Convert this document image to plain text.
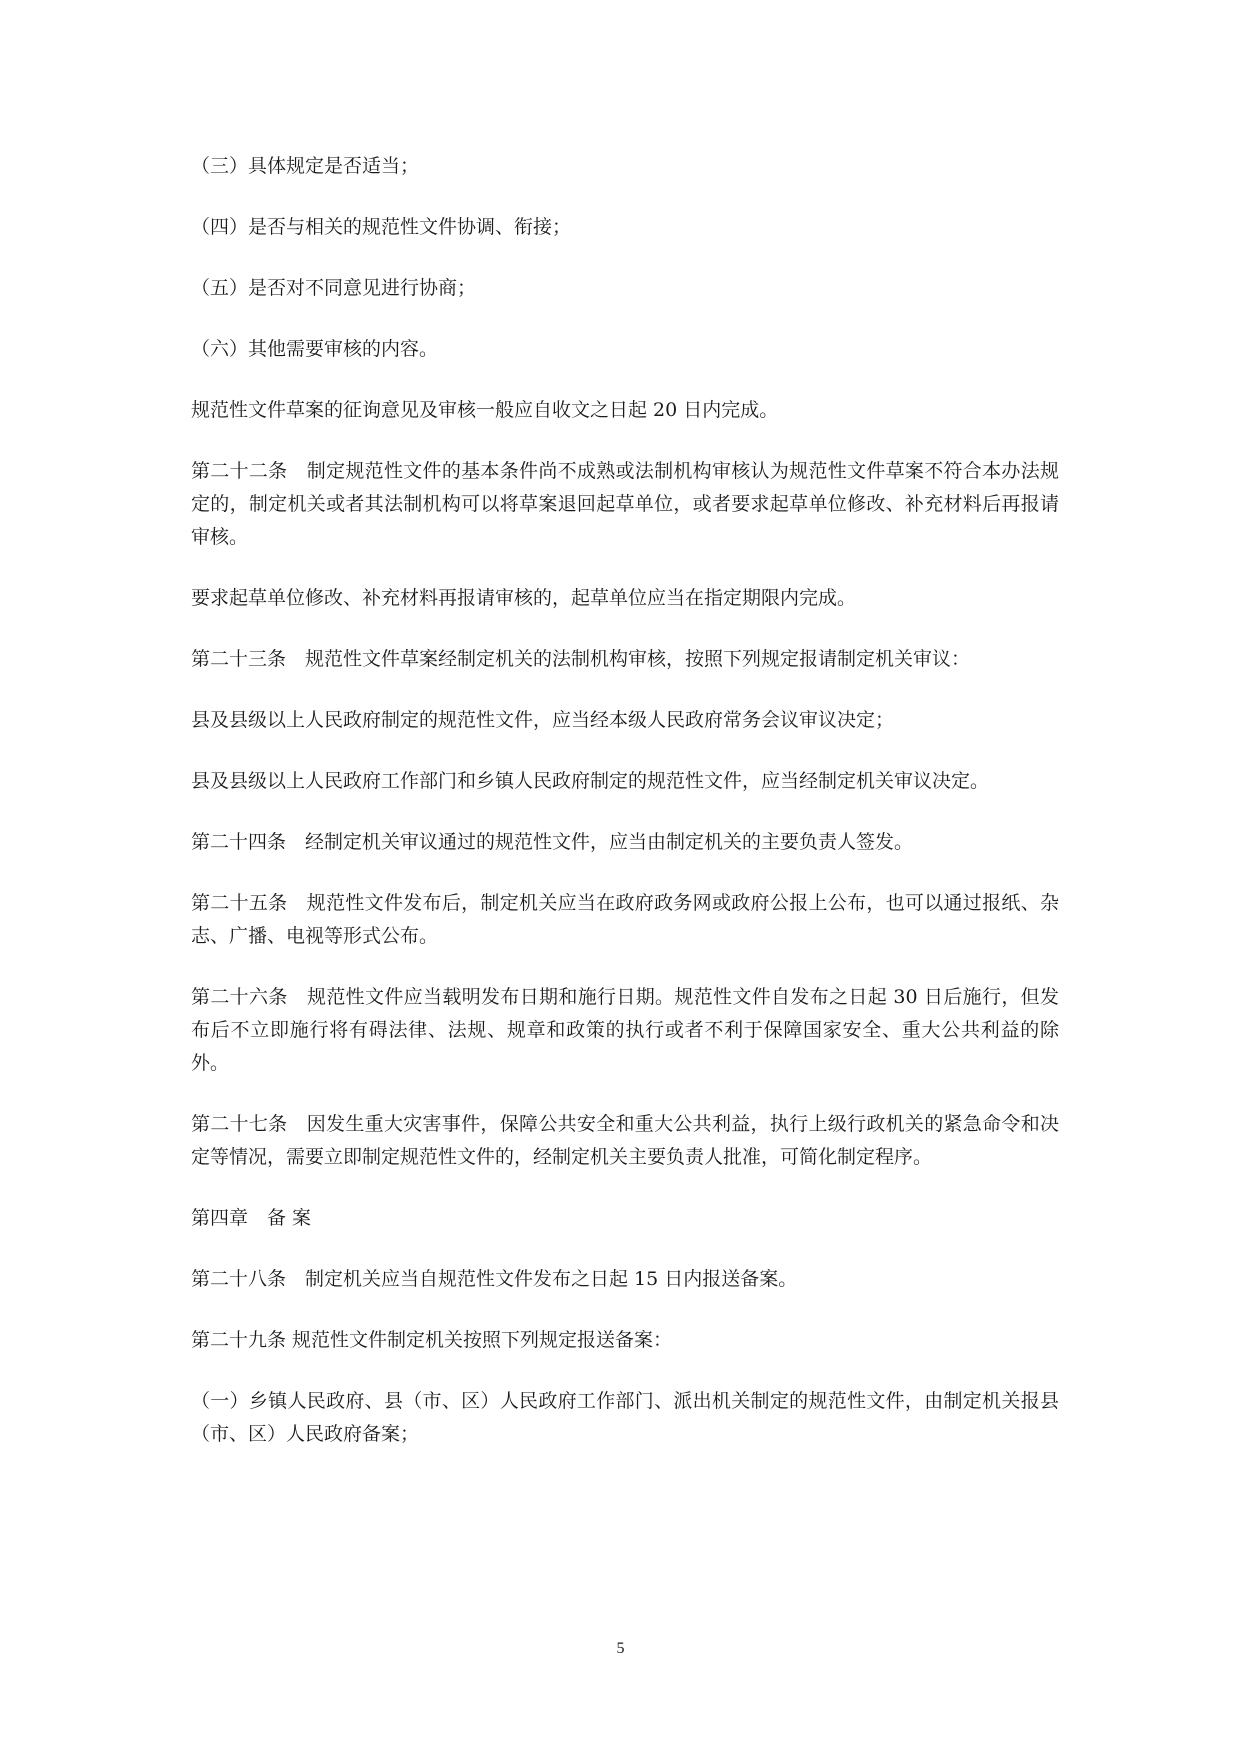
（三）具体规定是否适当；

（四）是否与相关的规范性文件协调、衔接；

（五）是否对不同意见进行协商；

（六）其他需要审核的内容。

规范性文件草案的征询意见及审核一般应自收文之日起 20 日内完成。

第二十二条　制定规范性文件的基本条件尚不成熟或法制机构审核认为规范性文件草案不符合本办法规定的，制定机关或者其法制机构可以将草案退回起草单位，或者要求起草单位修改、补充材料后再报请审核。

要求起草单位修改、补充材料再报请审核的，起草单位应当在指定期限内完成。

第二十三条　规范性文件草案经制定机关的法制机构审核，按照下列规定报请制定机关审议：

县及县级以上人民政府制定的规范性文件，应当经本级人民政府常务会议审议决定；

县及县级以上人民政府工作部门和乡镇人民政府制定的规范性文件，应当经制定机关审议决定。

第二十四条　经制定机关审议通过的规范性文件，应当由制定机关的主要负责人签发。

第二十五条　规范性文件发布后，制定机关应当在政府政务网或政府公报上公布，也可以通过报纸、杂志、广播、电视等形式公布。

第二十六条　规范性文件应当载明发布日期和施行日期。规范性文件自发布之日起 30 日后施行，但发布后不立即施行将有碍法律、法规、规章和政策的执行或者不利于保障国家安全、重大公共利益的除外。

第二十七条　因发生重大灾害事件，保障公共安全和重大公共利益，执行上级行政机关的紧急命令和决定等情况，需要立即制定规范性文件的，经制定机关主要负责人批准，可简化制定程序。

第四章　备 案

第二十八条　制定机关应当自规范性文件发布之日起 15 日内报送备案。

第二十九条 规范性文件制定机关按照下列规定报送备案：

（一）乡镇人民政府、县（市、区）人民政府工作部门、派出机关制定的规范性文件，由制定机关报县（市、区）人民政府备案；

5
